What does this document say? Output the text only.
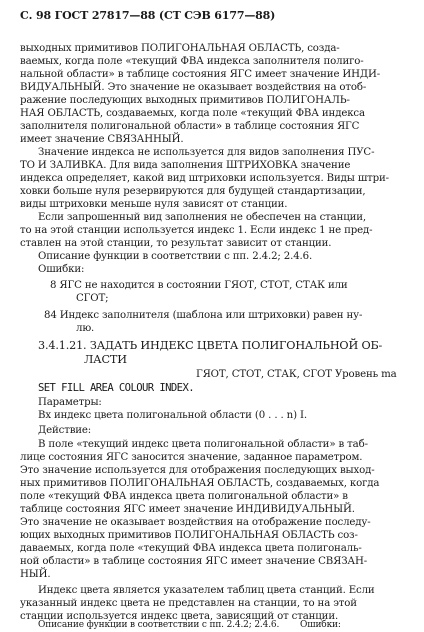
С. 98 ГОСТ 27817—88 (СТ СЭВ 6177—88)
выходных примитивов ПОЛИГОНАЛЬНАЯ ОБЛАСТЬ, созда-
ваемых, когда поле «текущий ФВА индекса заполнителя полиго-
нальной области» в таблице состояния ЯГС имеет значение ИНДИ-
ВИДУАЛЬНЫЙ. Это значение не оказывает воздействия на отоб-
ражение последующих выходных примитивов ПОЛИГОНАЛЬ-
НАЯ ОБЛАСТЬ, создаваемых, когда поле «текущий ФВА индекса
заполнителя полигональной области» в таблице состояния ЯГС
имеет значение СВЯЗАННЫЙ.
Значение индекса не используется для видов заполнения ПУС-
ТО И ЗАЛИВКА. Для вида заполнения ШТРИХОВКА значение
индекса определяет, какой вид штриховки используется. Виды штри-
ховки больше нуля резервируются для будущей стандартизации,
виды штриховки меньше нуля зависят от станции.
Если запрошенный вид заполнения не обеспечен на станции,
то на этой станции используется индекс 1. Если индекс 1 не пред-
ставлен на этой станции, то результат зависит от станции.
Описание функции в соответствии с пп. 2.4.2; 2.4.6.
Ошибки:
8 ЯГС не находится в состоянии ГЯОТ, СТОТ, СТАК или
СГОТ;
84 Индекс заполнителя (шаблона или штриховки) равен ну-
лю.
3.4.1.21. ЗАДАТЬ ИНДЕКС ЦВЕТА ПОЛИГОНАЛЬНОЙ ОБ-
ЛАСТИ
ГЯОТ, СТОТ, СТАК, СГОТ Уровень ma
SET FILL AREA COLOUR INDEX.
Параметры:
Вх индекс цвета полигональной области (0 . . . n) I.
Действие:
В поле «текущий индекс цвета полигональной области» в таб-
лице состояния ЯГС заносится значение, заданное параметром.
Это значение используется для отображения последующих выход-
ных примитивов ПОЛИГОНАЛЬНАЯ ОБЛАСТЬ, создаваемых, когда
поле «текущий ФВА индекса цвета полигональной области» в
таблице состояния ЯГС имеет значение ИНДИВИДУАЛЬНЫЙ.
Это значение не оказывает воздействия на отображение последу-
ющих выходных примитивов ПОЛИГОНАЛЬНАЯ ОБЛАСТЬ соз-
даваемых, когда поле «текущий ФВА индекса цвета полигональ-
ной области» в таблице состояния ЯГС имеет значение СВЯЗАН-
НЫЙ.
Индекс цвета является указателем таблиц цвета станций. Если
указанный индекс цвета не представлен на станции, то на этой
станции используется индекс цвета, зависящий от станции.
Описание функции в соответствии с пп. 2.4.2; 2.4.6. Ошибки:
